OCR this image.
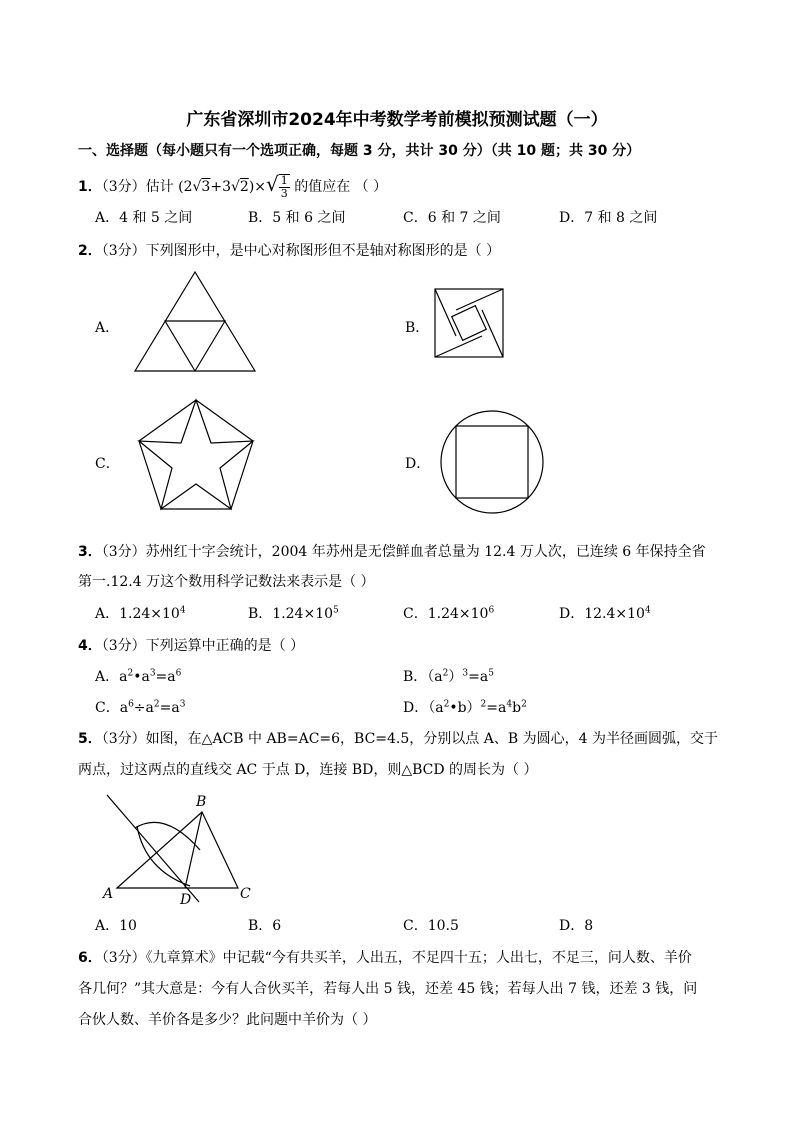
广东省深圳市2024年中考数学考前模拟预测试题（一）
一、选择题（每小题只有一个选项正确，每题 3 分，共计 30 分）（共 10 题；共 30 分）
1．（3分）估计 $(2√3+3√2)\times√ \frac{1}{3}$ 的值应在 （ ）
A．4 和 5 之间	B．5 和 6 之间	C．6 和 7 之间	D．7 和 8 之间
2．（3分）下列图形中，是中心对称图形但不是轴对称图形的是（ ）
A．	B．
C．	D．
3．（3分）苏州红十字会统计，2004 年苏州是无偿鲜血者总量为 12.4 万人次，已连续 6 年保持全省
第一.12.4 万这个数用科学记数法来表示是（ ）
A．$1.24\times 10^4$	B．$1.24\times 10^5$	C．$1.24\times 10^6$	D．$12.4\times 10^4$
4．（3分）下列运算中正确的是（ ）
A．$a^2•a^3=a^6$	B．$(a^2)^3=a^5$
C．$a^6\div a^2=a^3$	D．$(a^2•b)^2=a^4b^2$
5．（3分）如图，在△ACB 中 AB=AC=6，BC=4.5，分别以点 A、B 为圆心，4 为半径画圆弧，交于
两点，过这两点的直线交 AC 于点 D，连接 BD，则△BCD 的周长为（ ）
A
B
C
D
A．10	B．6	C．10.5	D．8
6．（3分）《九章算术》中记载“今有共买羊，人出五，不足四十五；人出七，不足三，问人数、羊价
各几何？”其大意是：今有人合伙买羊，若每人出 5 钱，还差 45 钱；若每人出 7 钱，还差 3 钱，问
合伙人数、羊价各是多少？此问题中羊价为（ ）
